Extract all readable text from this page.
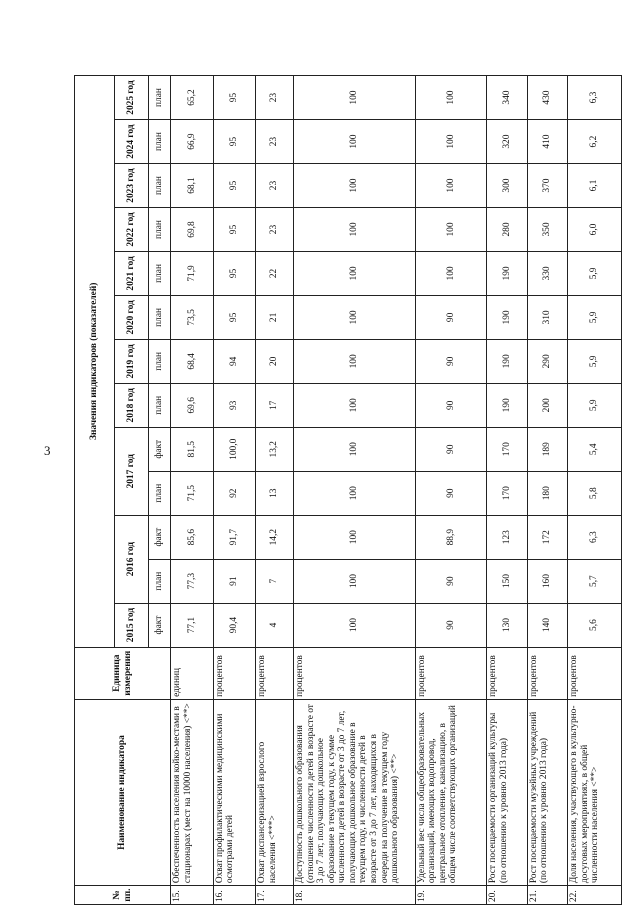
3
№ пп.	Наименование индикатора	Единица измерения	Значения индикаторов (показателей)												
			2015 год	2016 год		2017 год		2018 год	2019 год	2020 год	2021 год	2022 год	2023 год	2024 год	2025 год
			факт	план	факт	план	факт	план	план	план	план	план	план	план	план
15.	Обеспеченность населения койко-местами в стационарах (мест на 10000 населения) <**>	единиц	77,1	77,3	85,6	71,5	81,5	69,6	68,4	73,5	71,9	69,8	68,1	66,9	65,2
16.	Охват профилактическими медицинскими осмотрами детей	процентов	90,4	91	91,7	92	100,0	93	94	95	95	95	95	95	95
17.	Охват диспансеризацией взрослого населения <***>	процентов	4	7	14,2	13	13,2	17	20	21	22	23	23	23	23
18.	Доступность дошкольного образования (отношение численности детей в возрасте от 3 до 7 лет, получающих дошкольное образование в текущем году, к сумме численности детей в возрасте от 3 до 7 лет, получающих дошкольное образование в текущем году, и численности детей в возрасте от 3 до 7 лет, находящихся в очереди на получение в текущем году дошкольного образования) <**>	процентов	100	100	100	100	100	100	100	100	100	100	100	100	100
19.	Удельный вес числа общеобразовательных организаций, имеющих водопровод, центральное отопление, канализацию, в общем числе соответствующих организаций	процентов	90	90	88,9	90	90	90	90	90	100	100	100	100	100
20.	Рост посещаемости организаций культуры (по отношению к уровню 2013 года)	процентов	130	150	123	170	170	190	190	190	190	280	300	320	340
21.	Рост посещаемости музейных учреждений (по отношению к уровню 2013 года)	процентов	140	160	172	180	189	200	290	310	330	350	370	410	430
22.	Доля населения, участвующего в культурно-досуговых мероприятиях, в общей численности населения <**>	процентов	5,6	5,7	6,3	5,8	5,4	5,9	5,9	5,9	5,9	6,0	6,1	6,2	6,3
